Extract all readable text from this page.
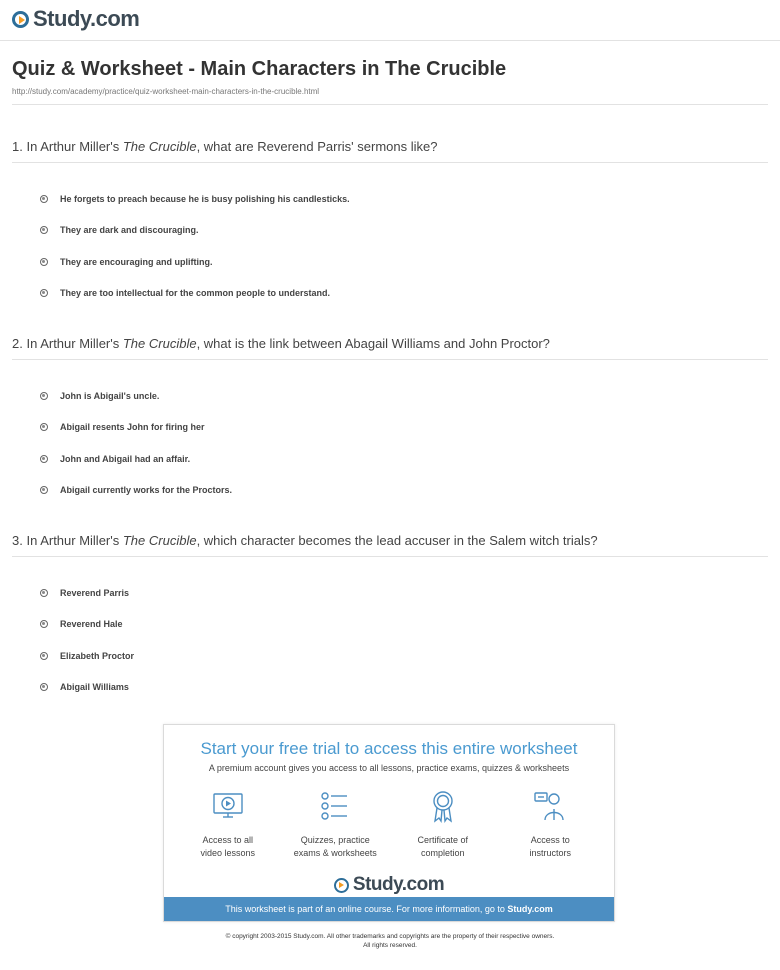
Study.com
Quiz & Worksheet - Main Characters in The Crucible
http://study.com/academy/practice/quiz-worksheet-main-characters-in-the-crucible.html
1. In Arthur Miller's The Crucible, what are Reverend Parris' sermons like?
He forgets to preach because he is busy polishing his candlesticks.
They are dark and discouraging.
They are encouraging and uplifting.
They are too intellectual for the common people to understand.
2. In Arthur Miller's The Crucible, what is the link between Abagail Williams and John Proctor?
John is Abigail's uncle.
Abigail resents John for firing her
John and Abigail had an affair.
Abigail currently works for the Proctors.
3. In Arthur Miller's The Crucible, which character becomes the lead accuser in the Salem witch trials?
Reverend Parris
Reverend Hale
Elizabeth Proctor
Abigail Williams
Start your free trial to access this entire worksheet
A premium account gives you access to all lessons, practice exams, quizzes & worksheets
Access to all
video lessons
Quizzes, practice
exams & worksheets
Certificate of
completion
Access to
instructors
Study.com
This worksheet is part of an online course. For more information, go to Study.com
© copyright 2003-2015 Study.com. All other trademarks and copyrights are the property of their respective owners.
All rights reserved.
